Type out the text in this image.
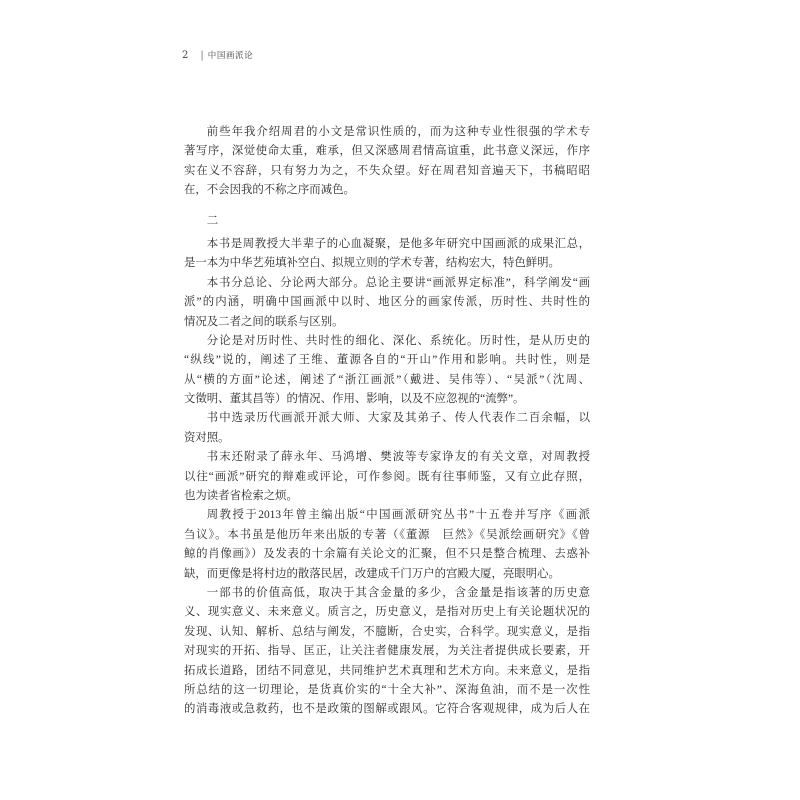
2 | 中国画派论
前些年我介绍周君的小文是常识性质的，而为这种专业性很强的学术专
著写序，深觉使命太重，难承，但又深感周君情高谊重，此书意义深远，作序
实在义不容辞，只有努力为之，不失众望。好在周君知音遍天下，书稿昭昭
在，不会因我的不称之序而减色。
二
本书是周教授大半辈子的心血凝聚，是他多年研究中国画派的成果汇总，
是一本为中华艺苑填补空白、拟规立则的学术专著，结构宏大，特色鲜明。
本书分总论、分论两大部分。总论主要讲“画派界定标准”，科学阐发“画
派”的内涵，明确中国画派中以时、地区分的画家传派，历时性、共时性的
情况及二者之间的联系与区别。
分论是对历时性、共时性的细化、深化、系统化。历时性，是从历史的
“纵线”说的，阐述了王维、董源各自的“开山”作用和影响。共时性，则是
从“横的方面”论述，阐述了“浙江画派”（戴进、吴伟等）、“吴派”（沈周、
文徵明、董其昌等）的情况、作用、影响，以及不应忽视的“流弊”。
书中选录历代画派开派大师、大家及其弟子、传人代表作二百余幅，以
资对照。
书末还附录了薛永年、马鸿增、樊波等专家诤友的有关文章，对周教授
以往“画派”研究的辩难或评论，可作参阅。既有往事师鉴，又有立此存照，
也为读者省检索之烦。
周教授于2013年曾主编出版“中国画派研究丛书”十五卷并写序《画派
刍议》。本书虽是他历年来出版的专著（《董源　巨然》《吴派绘画研究》《曾
鲸的肖像画》）及发表的十余篇有关论文的汇聚，但不只是整合梳理、去惑补
缺，而更像是将村边的散落民居，改建成千门万户的宫殿大厦，亮眼明心。
一部书的价值高低，取决于其含金量的多少，含金量是指该著的历史意
义、现实意义、未来意义。质言之，历史意义，是指对历史上有关论题状况的
发现、认知、解析、总结与阐发，不臆断，合史实，合科学。现实意义，是指
对现实的开拓、指导、匡正，让关注者健康发展，为关注者提供成长要素，开
拓成长道路，团结不同意见，共同维护艺术真理和艺术方向。未来意义，是指
所总结的这一切理论，是货真价实的“十全大补”、深海鱼油，而不是一次性
的消毒液或急救药，也不是政策的图解或跟风。它符合客观规律，成为后人在
